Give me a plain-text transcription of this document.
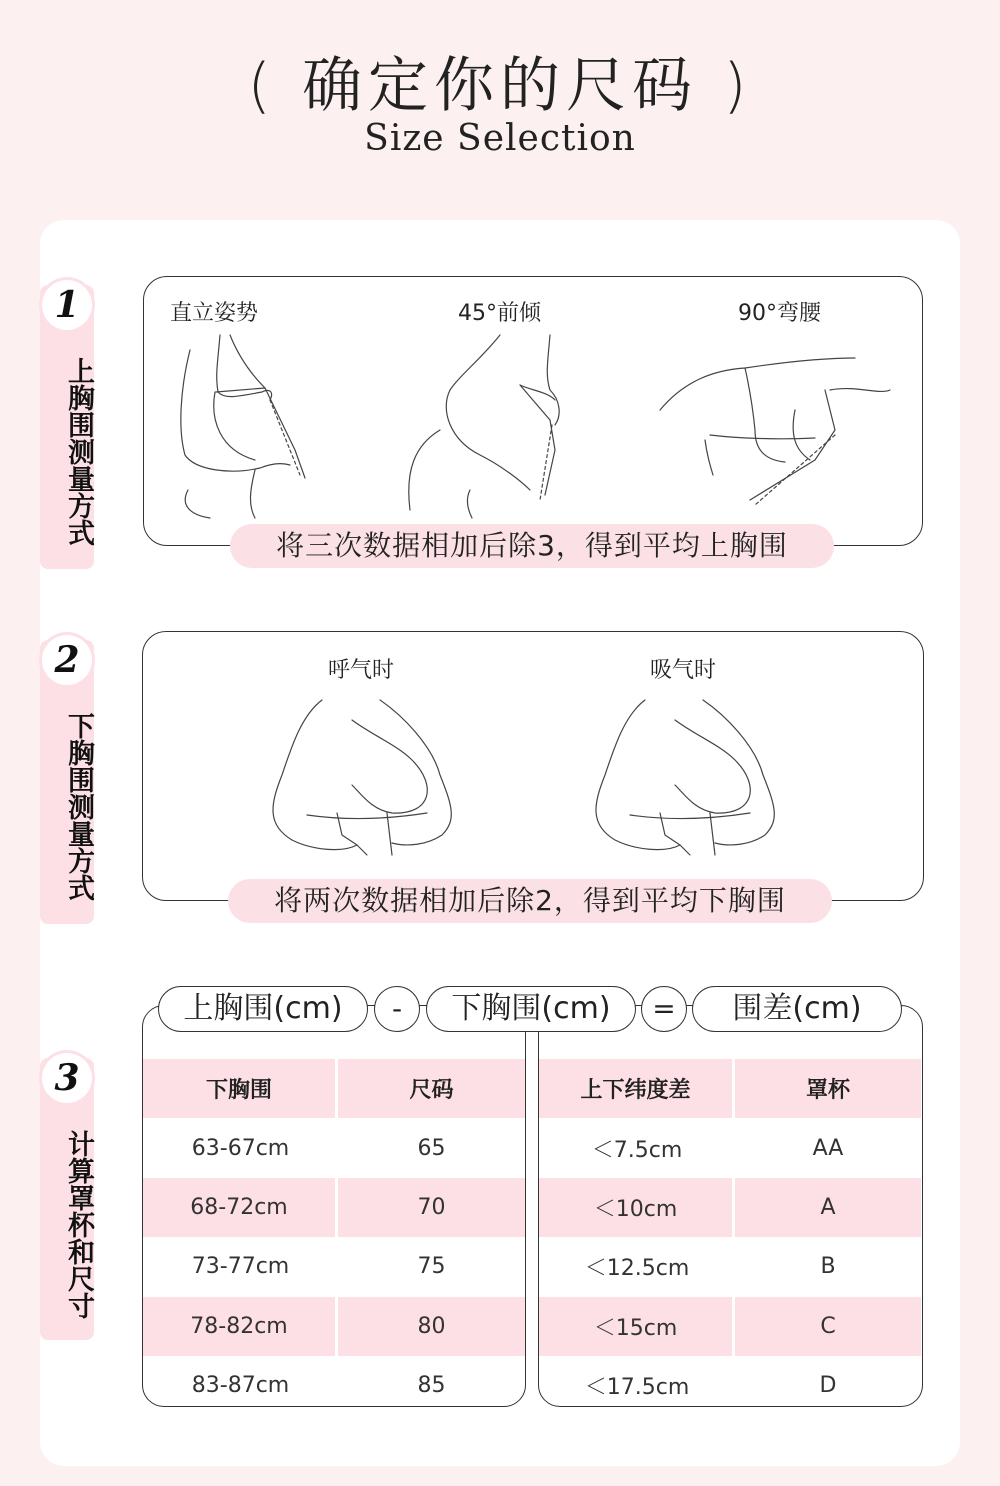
( 确定你的尺码 )
Size Selection
1
上胸围测量方式
2
下胸围测量方式
3
计算罩杯和尺寸
直立姿势	45°前倾	90°弯腰
将三次数据相加后除3，得到平均上胸围
呼气时	吸气时
将两次数据相加后除2，得到平均下胸围
上胸围(cm)	-	下胸围(cm)	=	围差(cm)
下胸围	尺码
63-67cm	65
68-72cm	70
73-77cm	75
78-82cm	80
83-87cm	85
上下纬度差	罩杯
＜7.5cm	AA
＜10cm	A
＜12.5cm	B
＜15cm	C
＜17.5cm	D
